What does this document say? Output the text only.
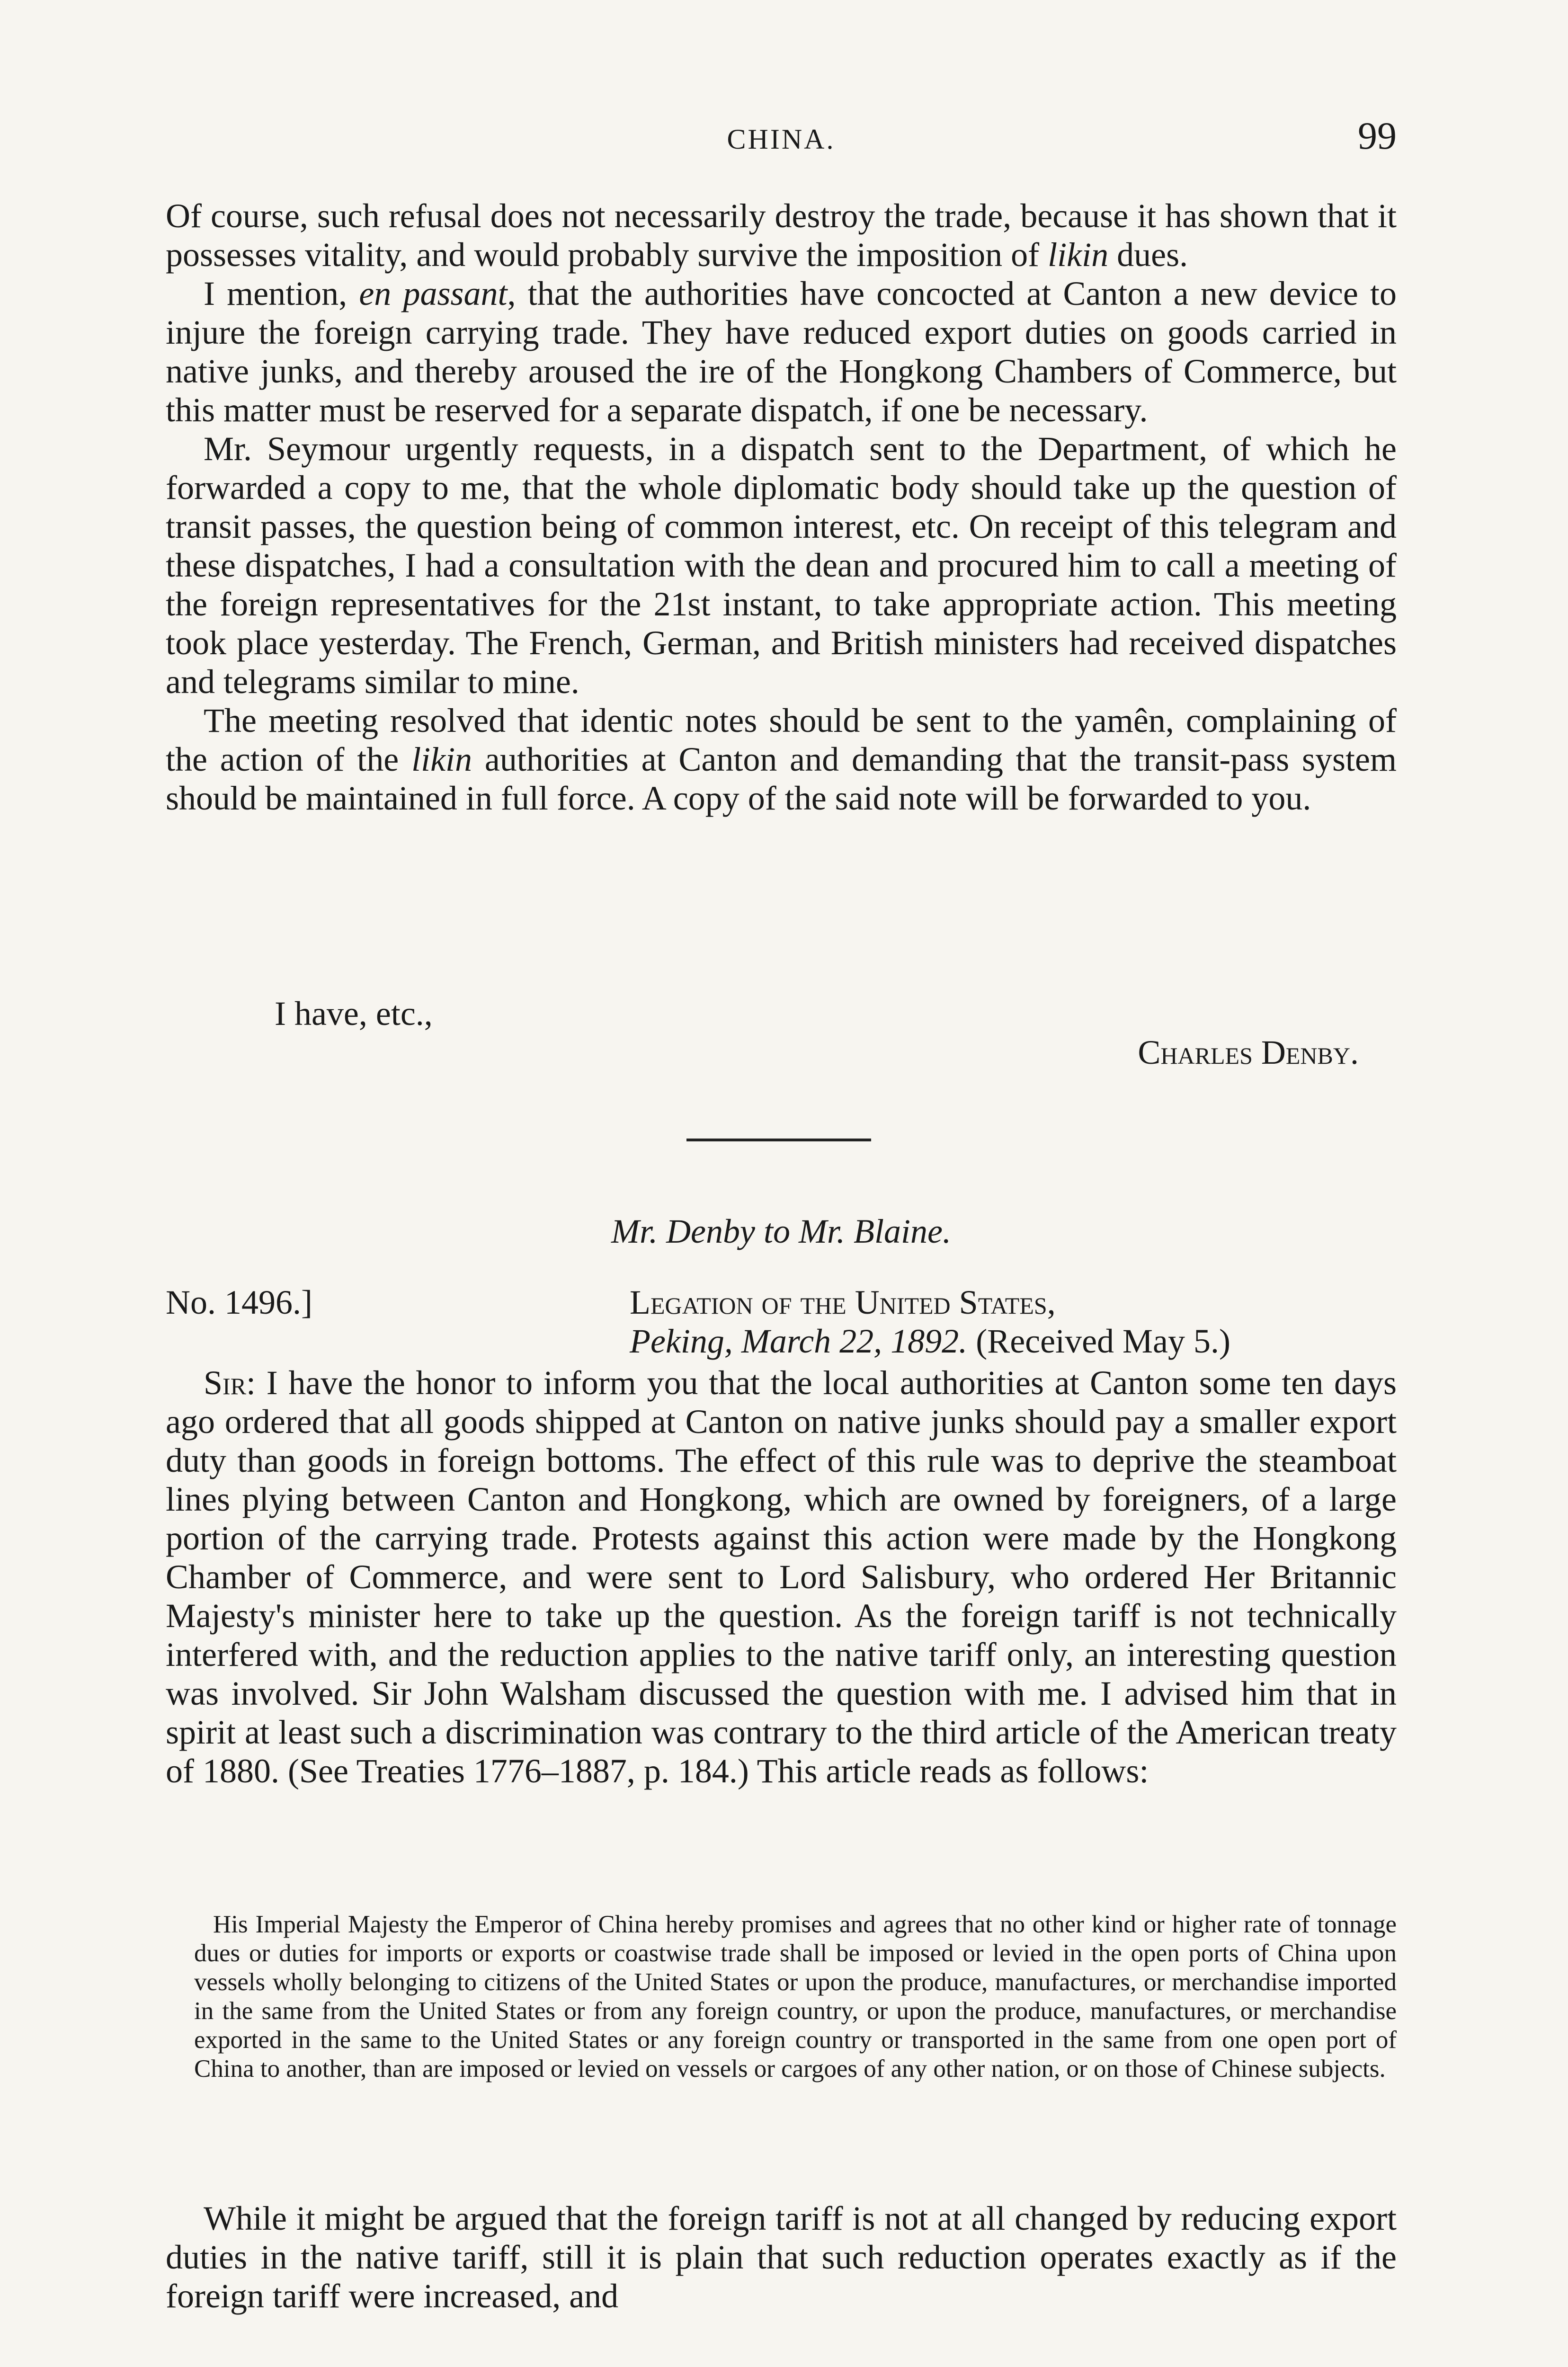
CHINA.	99

Of course, such refusal does not necessarily destroy the trade, because it has shown that it possesses vitality, and would probably survive the imposition of likin dues.

I mention, en passant, that the authorities have concocted at Canton a new device to injure the foreign carrying trade. They have reduced export duties on goods carried in native junks, and thereby aroused the ire of the Hongkong Chambers of Commerce, but this matter must be reserved for a separate dispatch, if one be necessary.

Mr. Seymour urgently requests, in a dispatch sent to the Department, of which he forwarded a copy to me, that the whole diplomatic body should take up the question of transit passes, the question being of common interest, etc. On receipt of this telegram and these dispatches, I had a consultation with the dean and procured him to call a meeting of the foreign representatives for the 21st instant, to take appropriate action. This meeting took place yesterday. The French, German, and British ministers had received dispatches and telegrams similar to mine.

The meeting resolved that identic notes should be sent to the yamên, complaining of the action of the likin authorities at Canton and demanding that the transit-pass system should be maintained in full force. A copy of the said note will be forwarded to you.

I have, etc.,
Charles Denby.
Mr. Denby to Mr. Blaine.
No. 1496.]	Legation of the United States,
Peking, March 22, 1892. (Received May 5.)

Sir: I have the honor to inform you that the local authorities at Canton some ten days ago ordered that all goods shipped at Canton on native junks should pay a smaller export duty than goods in foreign bottoms. The effect of this rule was to deprive the steamboat lines plying between Canton and Hongkong, which are owned by foreigners, of a large portion of the carrying trade. Protests against this action were made by the Hongkong Chamber of Commerce, and were sent to Lord Salisbury, who ordered Her Britannic Majesty's minister here to take up the question. As the foreign tariff is not technically interfered with, and the reduction applies to the native tariff only, an interesting question was involved. Sir John Walsham discussed the question with me. I advised him that in spirit at least such a discrimination was contrary to the third article of the American treaty of 1880. (See Treaties 1776–1887, p. 184.) This article reads as follows:

His Imperial Majesty the Emperor of China hereby promises and agrees that no other kind or higher rate of tonnage dues or duties for imports or exports or coastwise trade shall be imposed or levied in the open ports of China upon vessels wholly belonging to citizens of the United States or upon the produce, manufactures, or merchandise imported in the same from the United States or from any foreign country, or upon the produce, manufactures, or merchandise exported in the same to the United States or any foreign country or transported in the same from one open port of China to another, than are imposed or levied on vessels or cargoes of any other nation, or on those of Chinese subjects.

While it might be argued that the foreign tariff is not at all changed by reducing export duties in the native tariff, still it is plain that such reduction operates exactly as if the foreign tariff were increased, and
